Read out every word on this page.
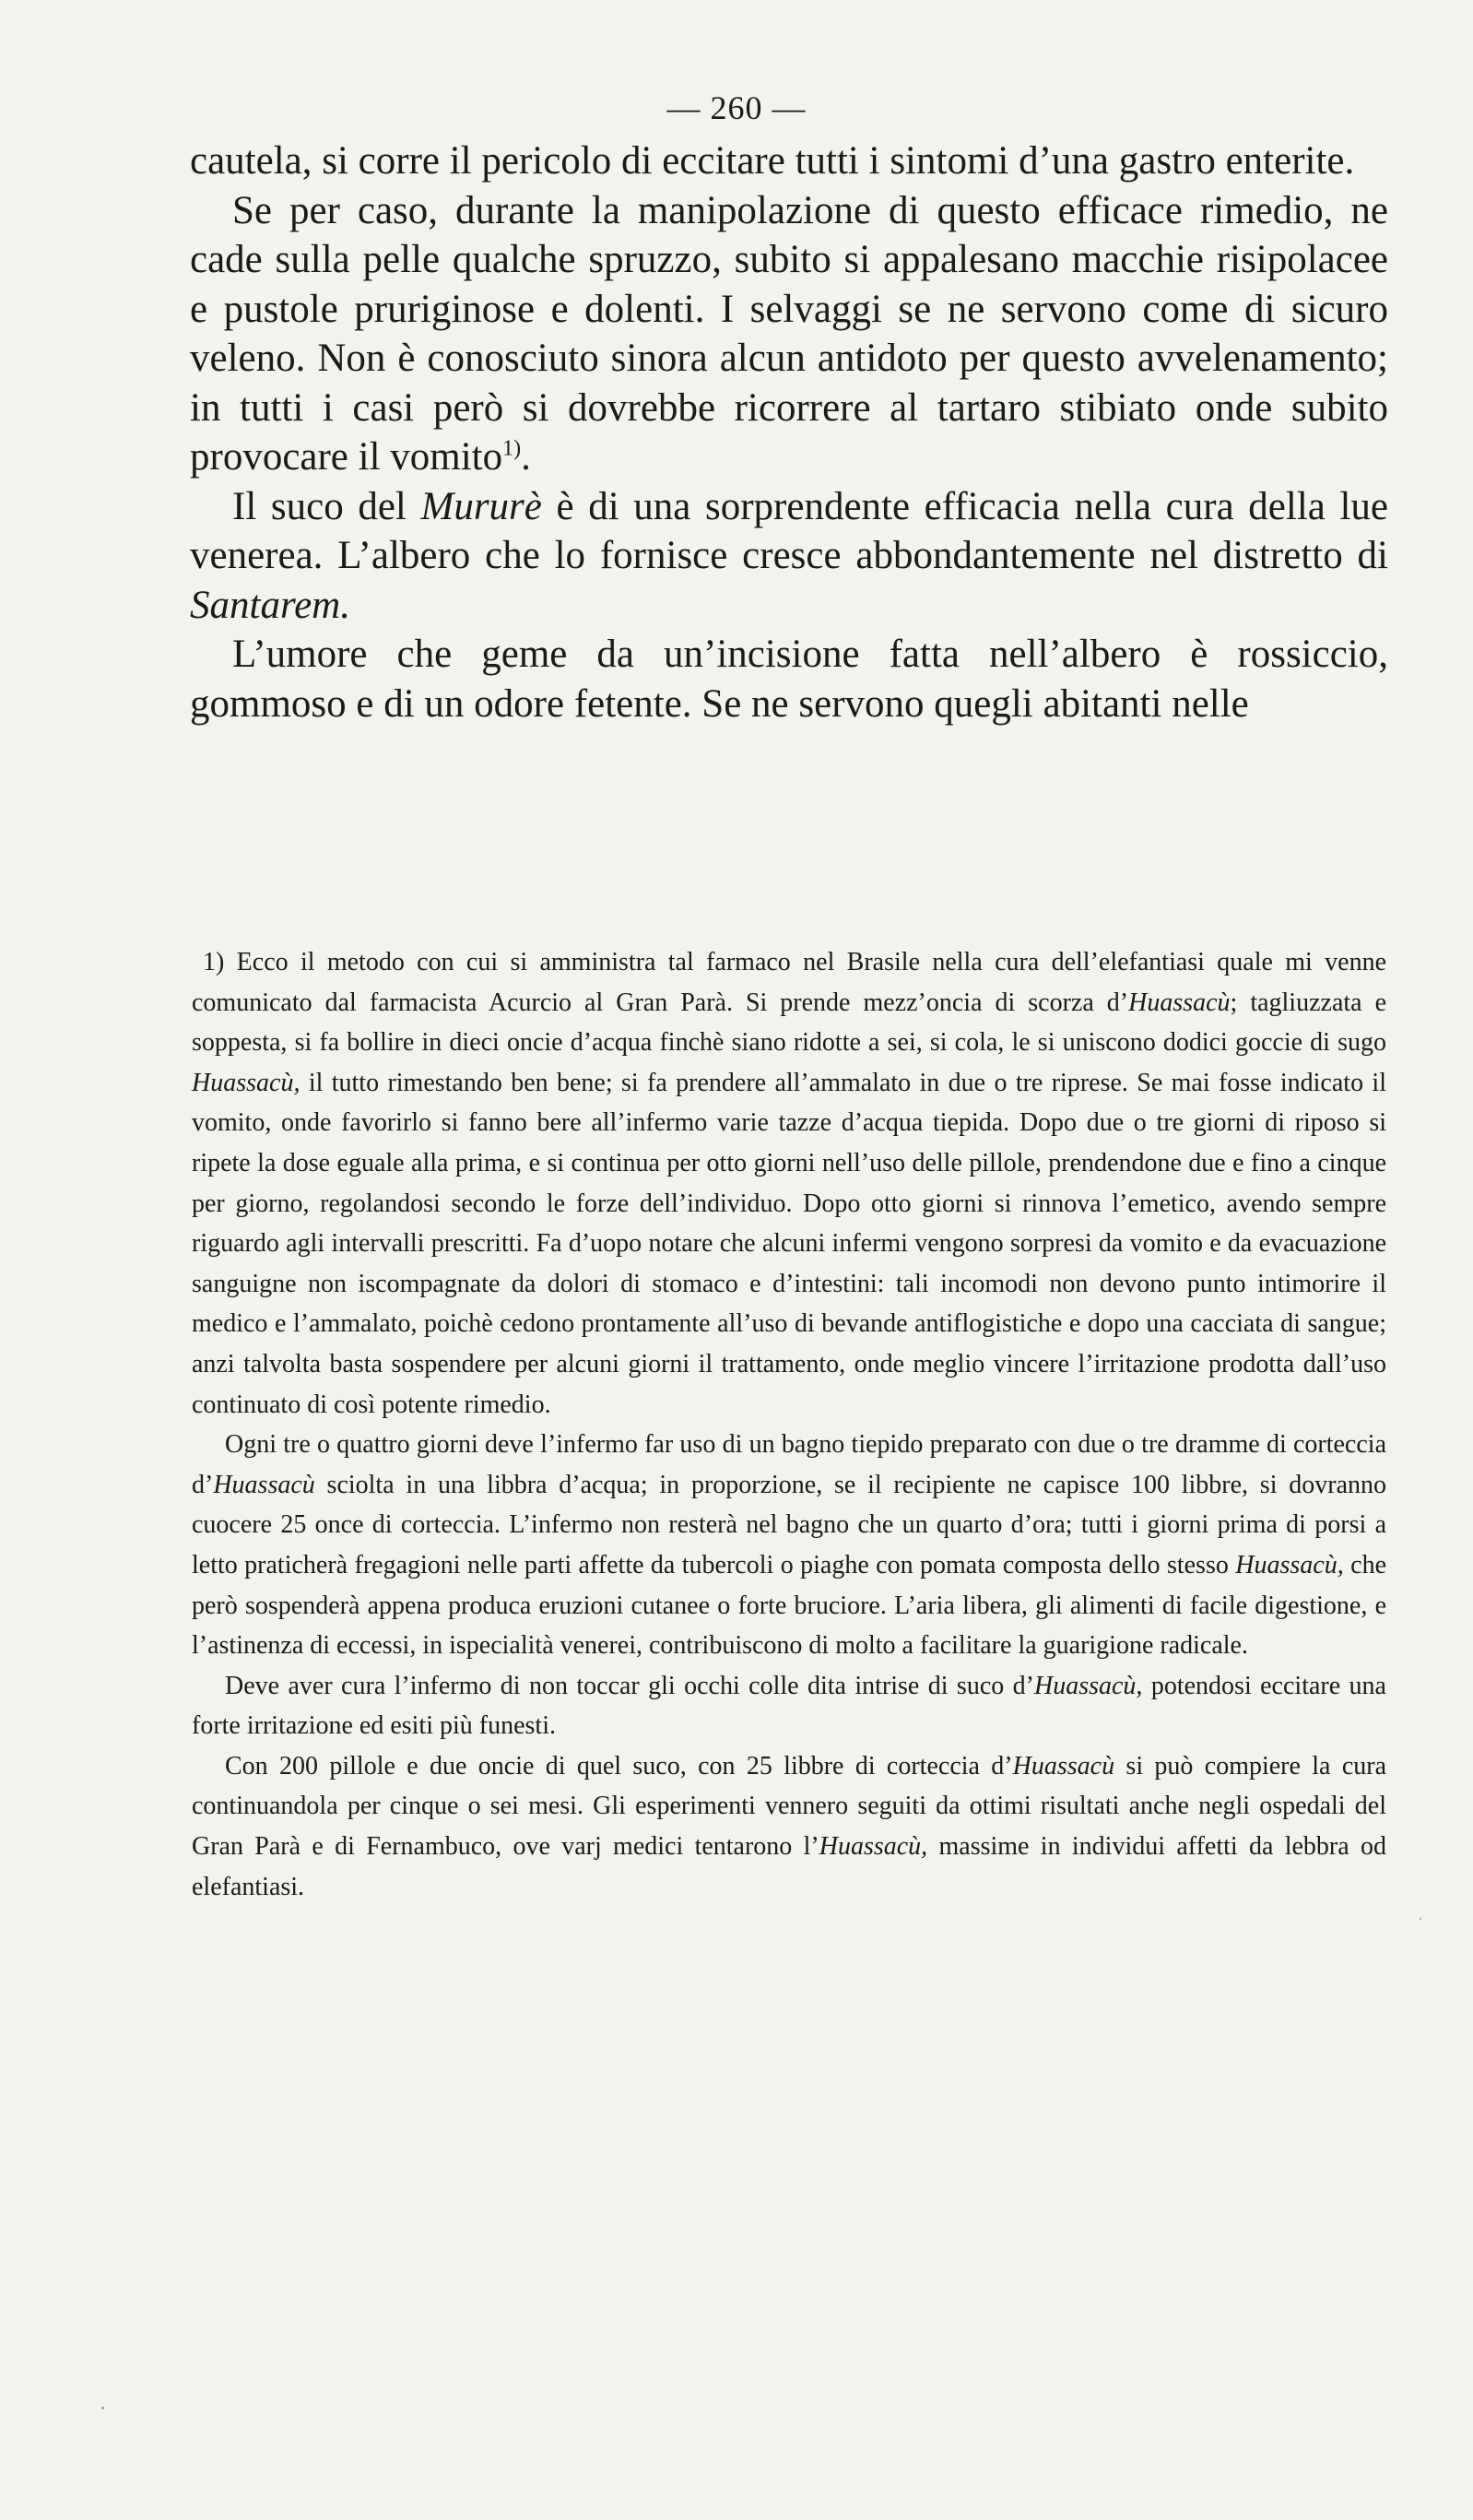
— 260 —

cautela, si corre il pericolo di eccitare tutti i sintomi d’una gastro enterite.

Se per caso, durante la manipolazione di questo efficace rimedio, ne cade sulla pelle qualche spruzzo, subito si appalesano macchie risipolacee e pustole pruriginose e dolenti. I selvaggi se ne servono come di sicuro veleno. Non è conosciuto sinora alcun antidoto per questo avvelenamento; in tutti i casi però si dovrebbe ricorrere al tartaro stibiato onde subito provocare il vomito$^{1)}$.

Il suco del Mururè è di una sorprendente efficacia nella cura della lue venerea. L’albero che lo fornisce cresce abbondantemente nel distretto di Santarem.

L’umore che geme da un’incisione fatta nell’albero è rossiccio, gommoso e di un odore fetente. Se ne servono quegli abitanti nelle

1) Ecco il metodo con cui si amministra tal farmaco nel Brasile nella cura dell’elefantiasi quale mi venne comunicato dal farmacista Acurcio al Gran Parà. Si prende mezz’oncia di scorza d’Huassacù; tagliuzzata e soppesta, si fa bollire in dieci oncie d’acqua finchè siano ridotte a sei, si cola, le si uniscono dodici goccie di sugo Huassacù, il tutto rimestando ben bene; si fa prendere all’ammalato in due o tre riprese. Se mai fosse indicato il vomito, onde favorirlo si fanno bere all’infermo varie tazze d’acqua tiepida. Dopo due o tre giorni di riposo si ripete la dose eguale alla prima, e si continua per otto giorni nell’uso delle pillole, prendendone due e fino a cinque per giorno, regolandosi secondo le forze dell’individuo. Dopo otto giorni si rinnova l’emetico, avendo sempre riguardo agli intervalli prescritti. Fa d’uopo notare che alcuni infermi vengono sorpresi da vomito e da evacuazione sanguigne non iscompagnate da dolori di stomaco e d’intestini: tali incomodi non devono punto intimorire il medico e l’ammalato, poichè cedono prontamente all’uso di bevande antiflogistiche e dopo una cacciata di sangue; anzi talvolta basta sospendere per alcuni giorni il trattamento, onde meglio vincere l’irritazione prodotta dall’uso continuato di così potente rimedio.

Ogni tre o quattro giorni deve l’infermo far uso di un bagno tiepido preparato con due o tre dramme di corteccia d’Huassacù sciolta in una libbra d’acqua; in proporzione, se il recipiente ne capisce 100 libbre, si dovranno cuocere 25 once di corteccia. L’infermo non resterà nel bagno che un quarto d’ora; tutti i giorni prima di porsi a letto praticherà fregagioni nelle parti affette da tubercoli o piaghe con pomata composta dello stesso Huassacù, che però sospenderà appena produca eruzioni cutanee o forte bruciore. L’aria libera, gli alimenti di facile digestione, e l’astinenza di eccessi, in ispecialità venerei, contribuiscono di molto a facilitare la guarigione radicale.

Deve aver cura l’infermo di non toccar gli occhi colle dita intrise di suco d’Huassacù, potendosi eccitare una forte irritazione ed esiti più funesti.

Con 200 pillole e due oncie di quel suco, con 25 libbre di corteccia d’Huassacù si può compiere la cura continuandola per cinque o sei mesi. Gli esperimenti vennero seguiti da ottimi risultati anche negli ospedali del Gran Parà e di Fernambuco, ove varj medici tentarono l’Huassacù, massime in individui affetti da lebbra od elefantiasi.
